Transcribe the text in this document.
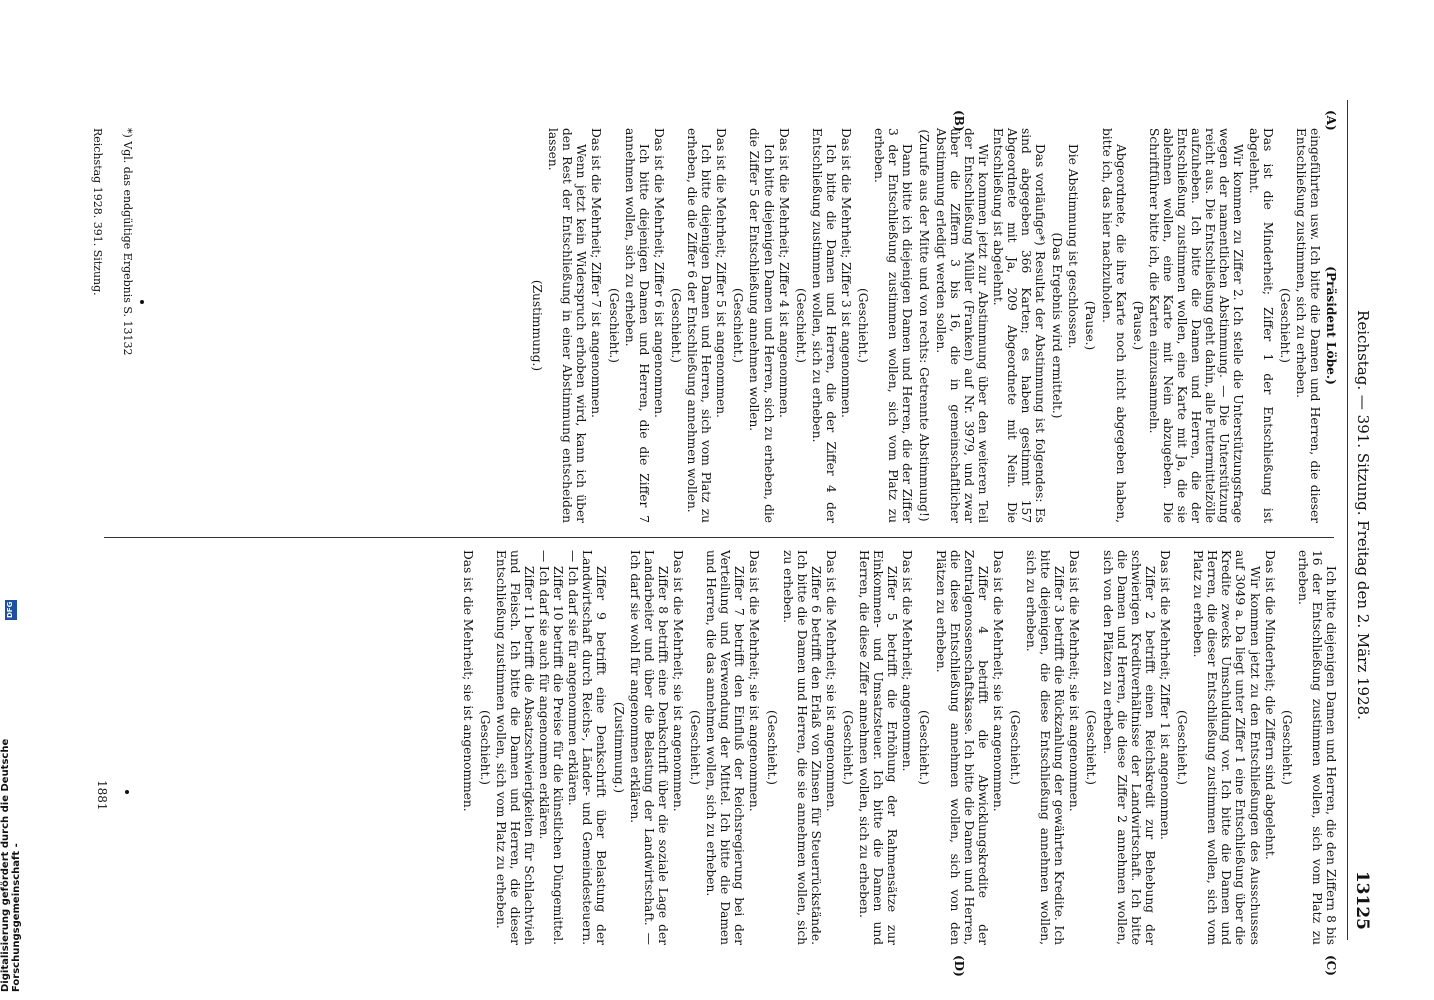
Reichstag. — 391. Sitzung. Freitag den 2. März 1928.
13125
(A)
(B)
(C)
(D)

(Präsident Löbe.)

eingeführten usw. Ich bitte die Damen und Herren, die dieser Entschließung zustimmen, sich zu erheben.

(Geschieht.)

Das ist die Minderheit; Ziffer 1 der Entschließung ist abgelehnt.

Wir kommen zu Ziffer 2. Ich stelle die Unterstützungsfrage wegen der namentlichen Abstimmung. — Die Unterstützung reicht aus. Die Entschließung geht dahin, alle Futtermittelzölle aufzuheben. Ich bitte die Damen und Herren, die der Entschließung zustimmen wollen, eine Karte mit Ja, die sie ablehnen wollen, eine Karte mit Nein abzugeben. Die Schriftführer bitte ich, die Karten einzusammeln.

(Pause.)

Abgeordnete, die ihre Karte noch nicht abgegeben haben, bitte ich, das hier nachzuholen.

(Pause.)

Die Abstimmung ist geschlossen.

(Das Ergebnis wird ermittelt.)

Das vorläufige*) Resultat der Abstimmung ist folgendes: Es sind abgegeben 366 Karten; es haben gestimmt 157 Abgeordnete mit Ja, 209 Abgeordnete mit Nein. Die Entschließung ist abgelehnt.

Wir kommen jetzt zur Abstimmung über den weiteren Teil der Entschließung Müller (Franken) auf Nr. 3979, und zwar über die Ziffern 3 bis 16, die in gemeinschaftlicher Abstimmung erledigt werden sollen.

(Zurufe aus der Mitte und von rechts: Getrennte Abstimmung!)

Dann bitte ich diejenigen Damen und Herren, die der Ziffer 3 der Entschließung zustimmen wollen, sich vom Platz zu erheben.

(Geschieht.)

Das ist die Mehrheit; Ziffer 3 ist angenommen.

Ich bitte die Damen und Herren, die der Ziffer 4 der Entschließung zustimmen wollen, sich zu erheben.

(Geschieht.)

Das ist die Mehrheit; Ziffer 4 ist angenommen.

Ich bitte diejenigen Damen und Herren, sich zu erheben, die die Ziffer 5 der Entschließung annehmen wollen.

(Geschieht.)

Das ist die Mehrheit; Ziffer 5 ist angenommen.

Ich bitte diejenigen Damen und Herren, sich vom Platz zu erheben, die die Ziffer 6 der Entschließung annehmen wollen.

(Geschieht.)

Das ist die Mehrheit; Ziffer 6 ist angenommen.

Ich bitte diejenigen Damen und Herren, die die Ziffer 7 annehmen wollen, sich zu erheben.

(Geschieht.)

Das ist die Mehrheit; Ziffer 7 ist angenommen.

Wenn jetzt kein Widerspruch erhoben wird, kann ich über den Rest der Entschließung in einer Abstimmung entscheiden lassen.

(Zustimmung.)

Ich bitte diejenigen Damen und Herren, die den Ziffern 8 bis 16 der Entschließung zustimmen wollen, sich vom Platz zu erheben.

(Geschieht.)

Das ist die Minderheit; die Ziffern sind abgelehnt.

Wir kommen jetzt zu den Entschließungen des Ausschusses auf 3049 a. Da liegt unter Ziffer 1 eine Entschließung über die Kredite zwecks Umschuldung vor. Ich bitte die Damen und Herren, die dieser Entschließung zustimmen wollen, sich vom Platz zu erheben.

(Geschieht.)

Das ist die Mehrheit; Ziffer 1 ist angenommen.

Ziffer 2 betrifft einen Reichskredit zur Behebung der schwierigen Kreditverhältnisse der Landwirtschaft. Ich bitte die Damen und Herren, die diese Ziffer 2 annehmen wollen, sich von den Plätzen zu erheben.

(Geschieht.)

Das ist die Mehrheit; sie ist angenommen.

Ziffer 3 betrifft die Rückzahlung der gewährten Kredite. Ich bitte diejenigen, die diese Entschließung annehmen wollen, sich zu erheben.

(Geschieht.)

Das ist die Mehrheit; sie ist angenommen.

Ziffer 4 betrifft die Abwicklungskredite der Zentralgenossenschaftskasse. Ich bitte die Damen und Herren, die diese Entschließung annehmen wollen, sich von den Plätzen zu erheben.

(Geschieht.)

Das ist die Mehrheit; angenommen.

Ziffer 5 betrifft die Erhöhung der Rahmensätze zur Einkommen- und Umsatzsteuer. Ich bitte die Damen und Herren, die diese Ziffer annehmen wollen, sich zu erheben.

(Geschieht.)

Das ist die Mehrheit; sie ist angenommen.

Ziffer 6 betrifft den Erlaß von Zinsen für Steuerrückstände. Ich bitte die Damen und Herren, die sie annehmen wollen, sich zu erheben.

(Geschieht.)

Das ist die Mehrheit; sie ist angenommen.

Ziffer 7 betrifft den Einfluß der Reichsregierung bei der Verteilung und Verwendung der Mittel. Ich bitte die Damen und Herren, die das annehmen wollen, sich zu erheben.

(Geschieht.)

Das ist die Mehrheit; sie ist angenommen.

Ziffer 8 betrifft eine Denkschrift über die soziale Lage der Landarbeiter und über die Belastung der Landwirtschaft. — Ich darf sie wohl für angenommen erklären.

(Zustimmung.)

Ziffer 9 betrifft eine Denkschrift über Belastung der Landwirtschaft durch Reichs-, Länder- und Gemeindesteuern. — Ich darf sie für angenommen erklären.

Ziffer 10 betrifft die Preise für die künstlichen Düngemittel. — Ich darf sie auch für angenommen erklären.

Ziffer 11 betrifft die Absatzschwierigkeiten für Schlachtvieh und Fleisch. Ich bitte die Damen und Herren, die dieser Entschließung zustimmen wollen, sich vom Platz zu erheben.

(Geschieht.)

Das ist die Mehrheit; sie ist angenommen.

*) Vgl. das endgültige Ergebnis S. 13132
Reichstag 1928. 391. Sitzung.
1881
Digitalisierung gefördert durch die Deutsche Forschungsgemeinschaft -
DFG
